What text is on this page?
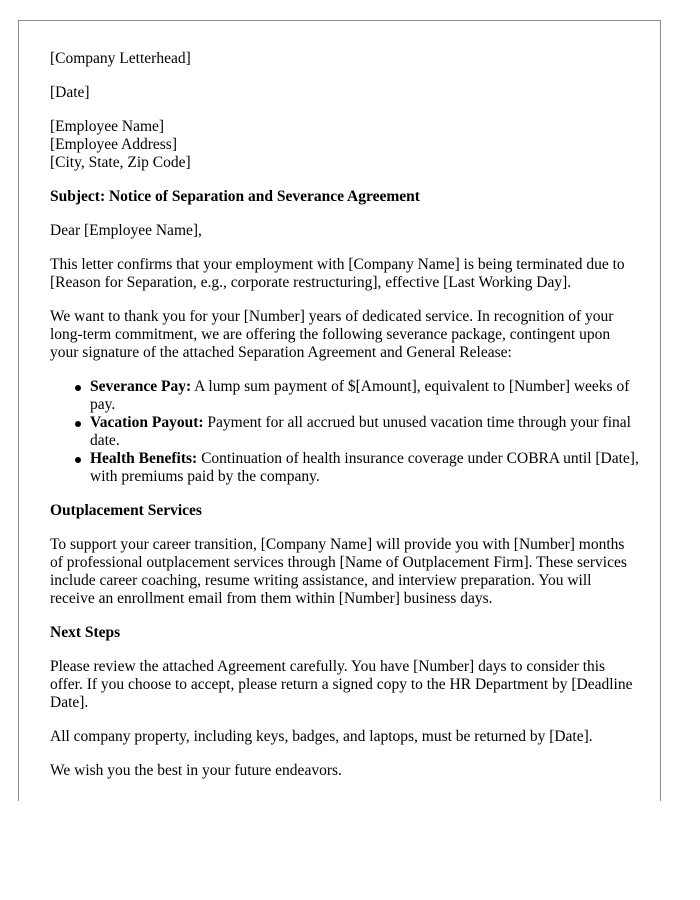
[Company Letterhead]

[Date]

[Employee Name]

[Employee Address]

[City, State, Zip Code]

Subject: Notice of Separation and Severance Agreement

Dear [Employee Name],

This letter confirms that your employment with [Company Name] is being terminated due to [Reason for Separation, e.g., corporate restructuring], effective [Last Working Day].

We want to thank you for your [Number] years of dedicated service. In recognition of your long-term commitment, we are offering the following severance package, contingent upon your signature of the attached Separation Agreement and General Release:

Severance Pay: A lump sum payment of $[Amount], equivalent to [Number] weeks of pay.
Vacation Payout: Payment for all accrued but unused vacation time through your final date.
Health Benefits: Continuation of health insurance coverage under COBRA until [Date], with premiums paid by the company.

Outplacement Services

To support your career transition, [Company Name] will provide you with [Number] months of professional outplacement services through [Name of Outplacement Firm]. These services include career coaching, resume writing assistance, and interview preparation. You will receive an enrollment email from them within [Number] business days.

Next Steps

Please review the attached Agreement carefully. You have [Number] days to consider this offer. If you choose to accept, please return a signed copy to the HR Department by [Deadline Date].

All company property, including keys, badges, and laptops, must be returned by [Date].

We wish you the best in your future endeavors.
